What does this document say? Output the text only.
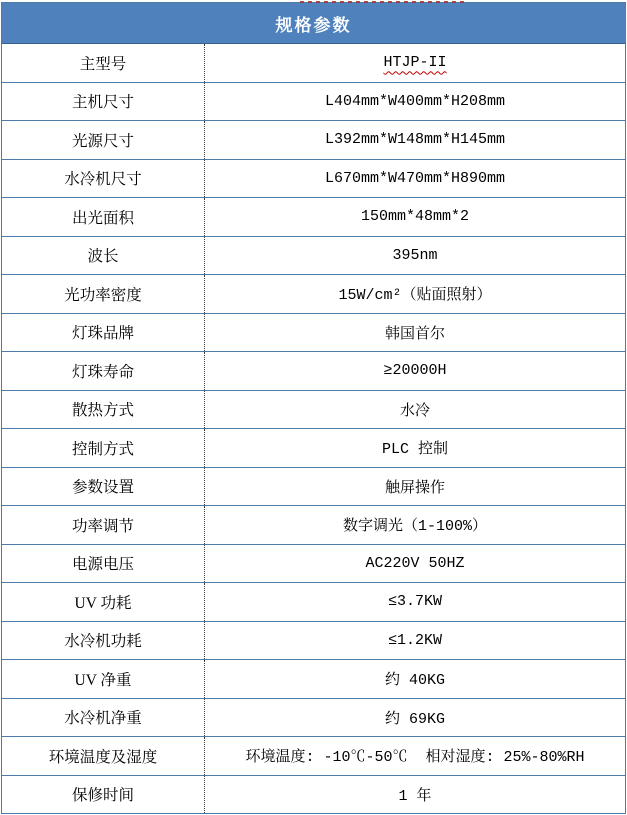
规格参数
主型号	HTJP-II
主机尺寸	L404mm*W400mm*H208mm
光源尺寸	L392mm*W148mm*H145mm
水冷机尺寸	L670mm*W470mm*H890mm
出光面积	150mm*48mm*2
波长	395nm
光功率密度	15W/cm²（贴面照射）
灯珠品牌	韩国首尔
灯珠寿命	≥20000H
散热方式	水冷
控制方式	PLC 控制
参数设置	触屏操作
功率调节	数字调光（1-100%）
电源电压	AC220V 50HZ
UV 功耗	≤3.7KW
水冷机功耗	≤1.2KW
UV 净重	约 40KG
水冷机净重	约 69KG
环境温度及湿度	环境温度: -10℃-50℃  相对湿度: 25%-80%RH
保修时间	1 年
